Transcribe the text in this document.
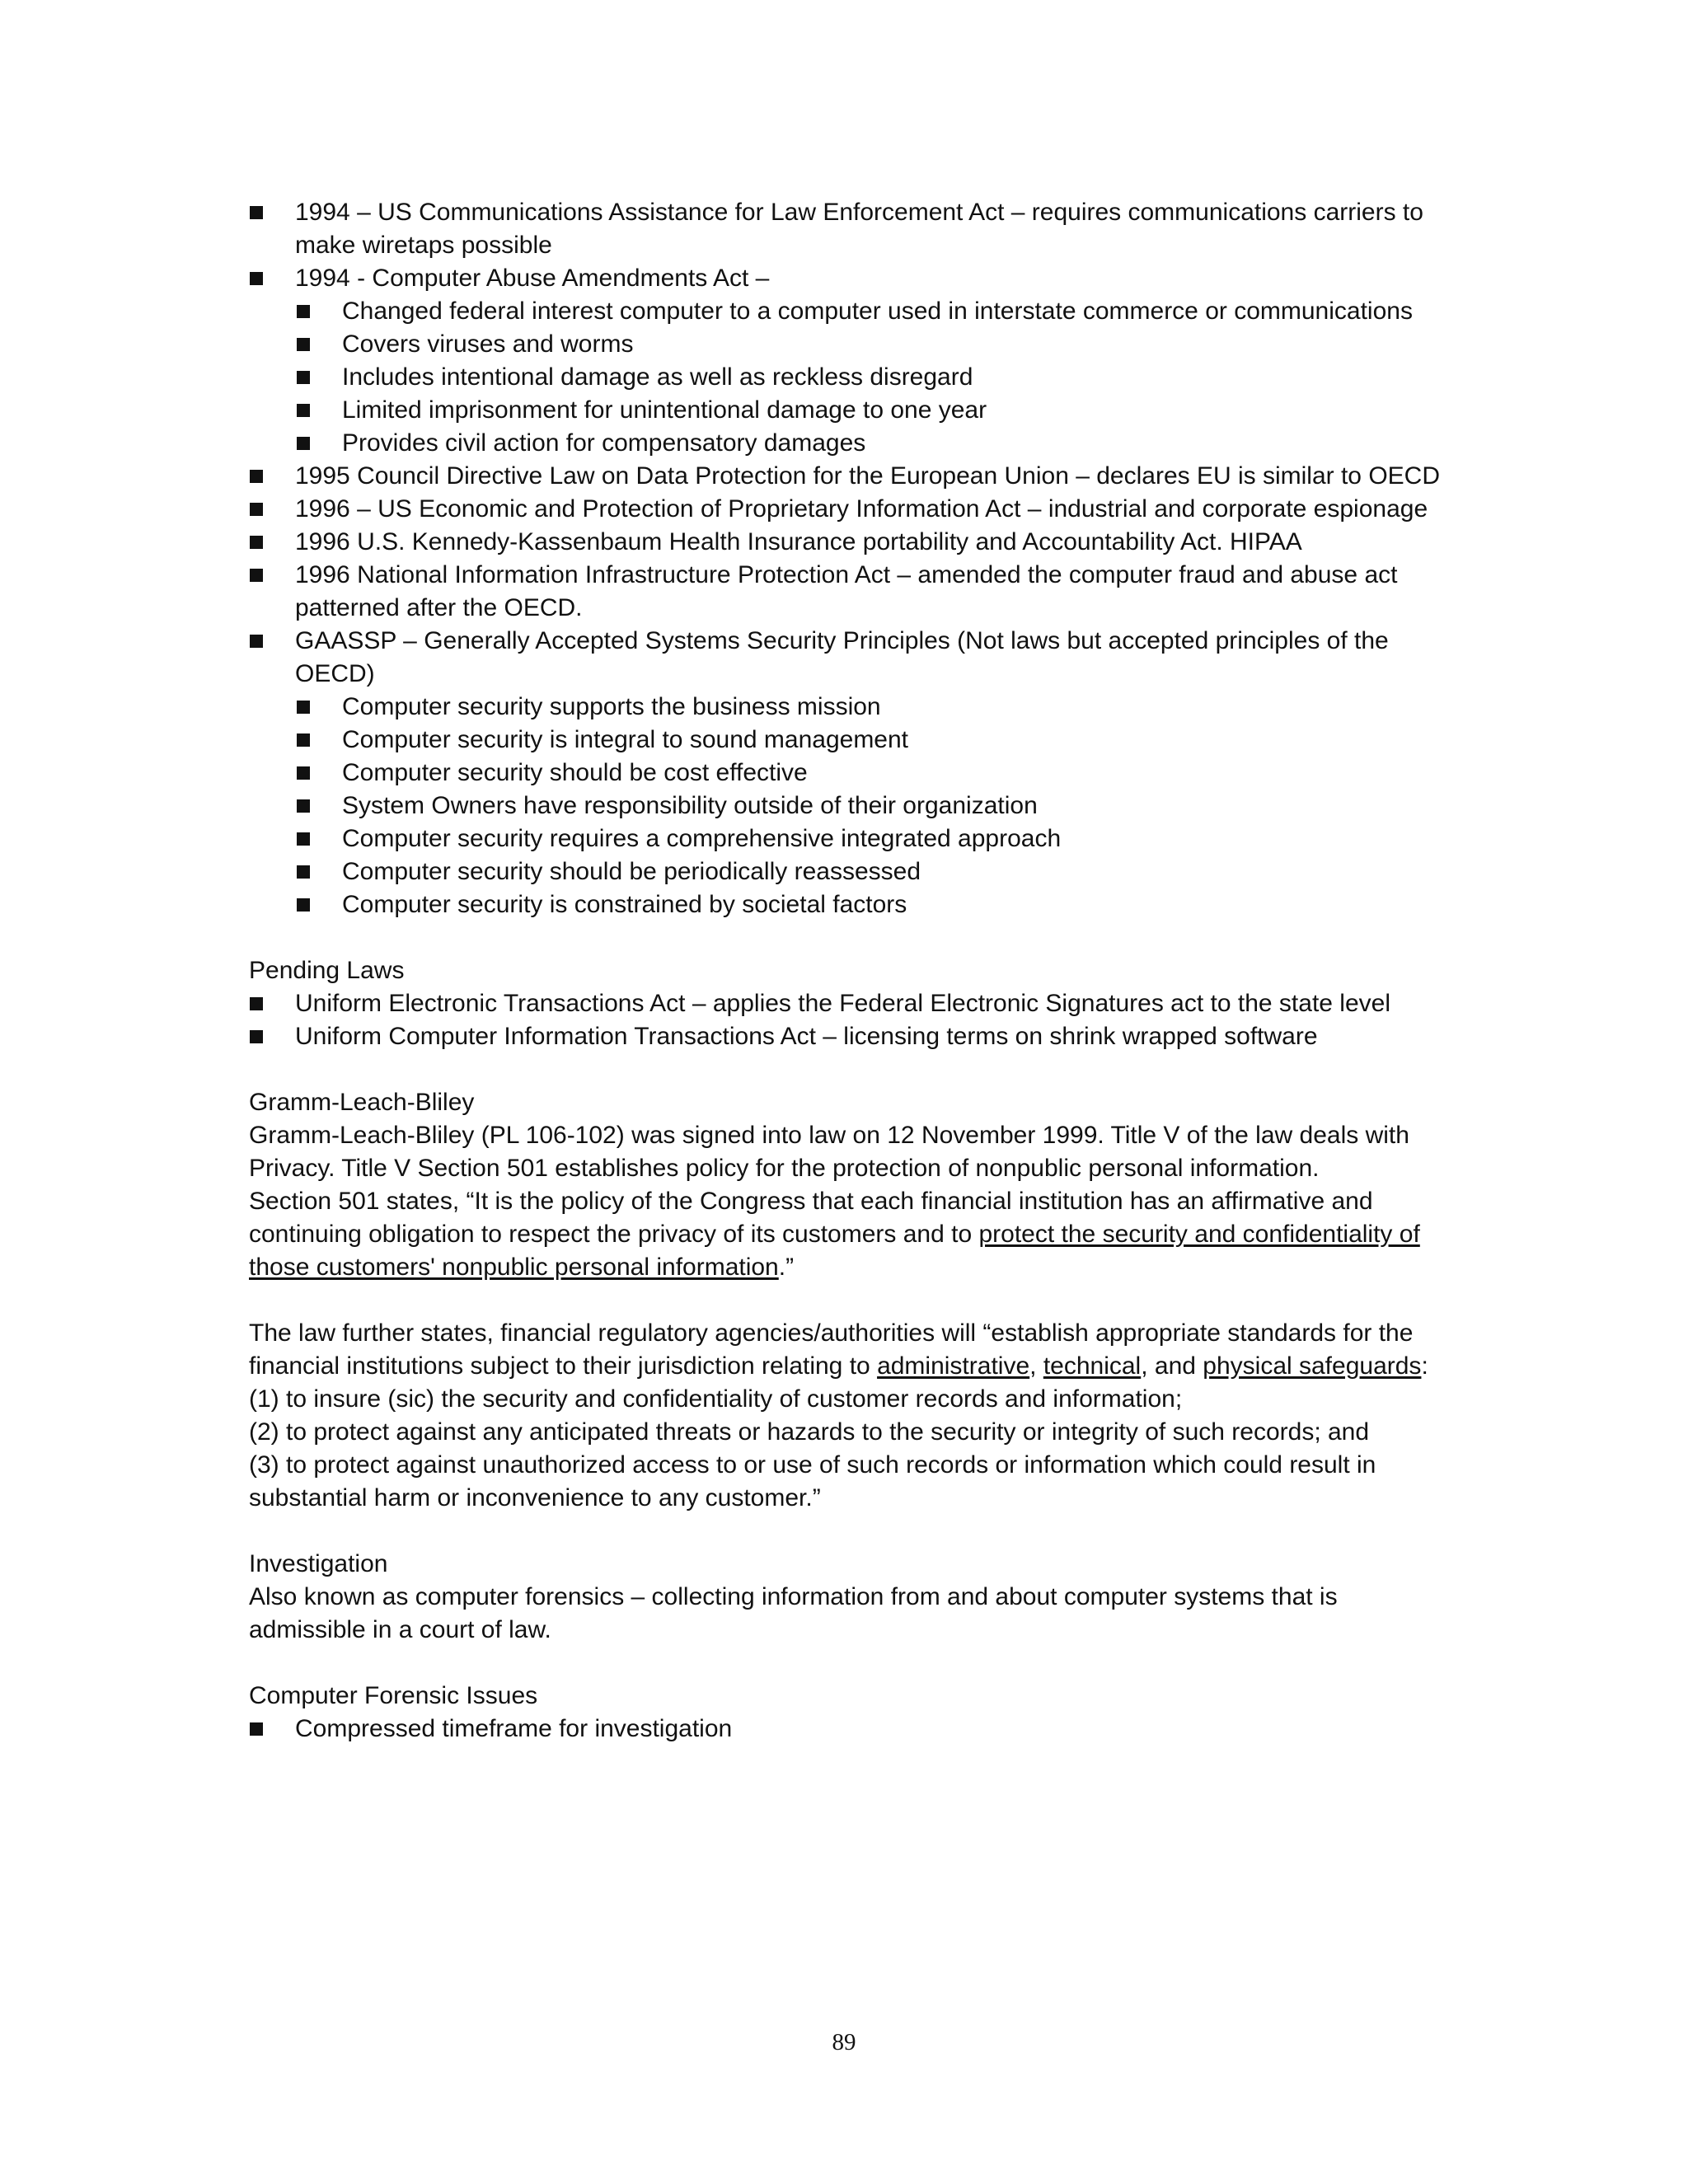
1994 – US Communications Assistance for Law Enforcement Act – requires communications carriers to make wiretaps possible
1994 - Computer Abuse Amendments Act –
Changed federal interest computer to a computer used in interstate commerce or communications
Covers viruses and worms
Includes intentional damage as well as reckless disregard
Limited imprisonment for unintentional damage to one year
Provides civil action for compensatory damages
1995 Council Directive Law on Data Protection for the European Union – declares EU is similar to OECD
1996 – US Economic and Protection of Proprietary Information Act – industrial and corporate espionage
1996 U.S. Kennedy-Kassenbaum Health Insurance portability and Accountability Act. HIPAA
1996 National Information Infrastructure Protection Act – amended the computer fraud and abuse act patterned after the OECD.
GAASSP – Generally Accepted Systems Security Principles (Not laws but accepted principles of the OECD)
Computer security supports the business mission
Computer security is integral to sound management
Computer security should be cost effective
System Owners have responsibility outside of their organization
Computer security requires a comprehensive integrated approach
Computer security should be periodically reassessed
Computer security is constrained by societal factors
Pending Laws
Uniform Electronic Transactions Act – applies the Federal Electronic Signatures act to the state level
Uniform Computer Information Transactions Act – licensing terms on shrink wrapped software
Gramm-Leach-Bliley
Gramm-Leach-Bliley (PL 106-102) was signed into law on 12 November 1999. Title V of the law deals with Privacy. Title V Section 501 establishes policy for the protection of nonpublic personal information.
Section 501 states, “It is the policy of the Congress that each financial institution has an affirmative and continuing obligation to respect the privacy of its customers and to protect the security and confidentiality of those customers' nonpublic personal information.”
The law further states, financial regulatory agencies/authorities will “establish appropriate standards for the financial institutions subject to their jurisdiction relating to administrative, technical, and physical safeguards:
(1) to insure (sic) the security and confidentiality of customer records and information;
(2) to protect against any anticipated threats or hazards to the security or integrity of such records; and
(3) to protect against unauthorized access to or use of such records or information which could result in substantial harm or inconvenience to any customer.”
Investigation
Also known as computer forensics – collecting information from and about computer systems that is admissible in a court of law.
Computer Forensic Issues
Compressed timeframe for investigation
89
